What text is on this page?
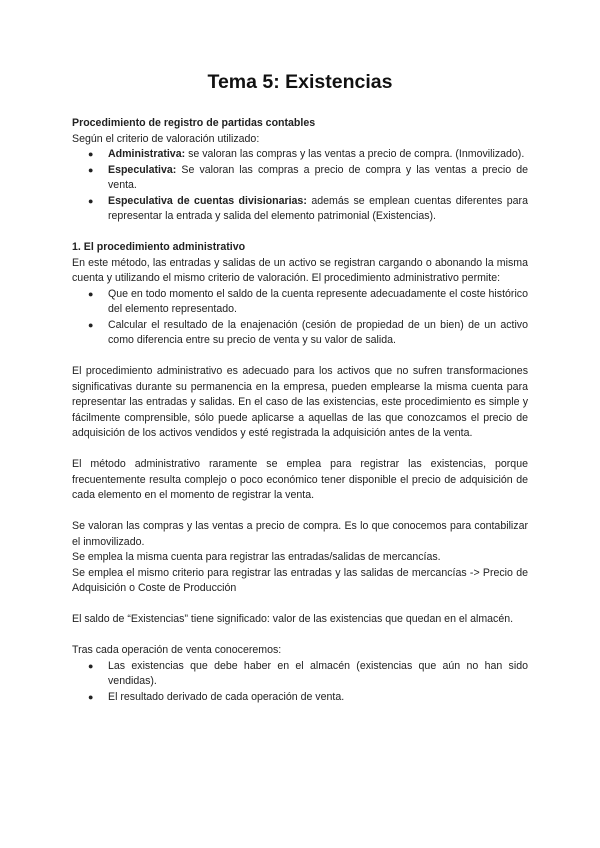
Tema 5: Existencias

Procedimiento de registro de partidas contables

Según el criterio de valoración utilizado:

● Administrativa: se valoran las compras y las ventas a precio de compra. (Inmovilizado).
● Especulativa: Se valoran las compras a precio de compra y las ventas a precio de venta.
● Especulativa de cuentas divisionarias: además se emplean cuentas diferentes para representar la entrada y salida del elemento patrimonial (Existencias).

1. El procedimiento administrativo

En este método, las entradas y salidas de un activo se registran cargando o abonando la misma cuenta y utilizando el mismo criterio de valoración. El procedimiento administrativo permite:

● Que en todo momento el saldo de la cuenta represente adecuadamente el coste histórico del elemento representado.
● Calcular el resultado de la enajenación (cesión de propiedad de un bien) de un activo como diferencia entre su precio de venta y su valor de salida.

El procedimiento administrativo es adecuado para los activos que no sufren transformaciones significativas durante su permanencia en la empresa, pueden emplearse la misma cuenta para representar las entradas y salidas. En el caso de las existencias, este procedimiento es simple y fácilmente comprensible, sólo puede aplicarse a aquellas de las que conozcamos el precio de adquisición de los activos vendidos y esté registrada la adquisición antes de la venta.

El método administrativo raramente se emplea para registrar las existencias, porque frecuentemente resulta complejo o poco económico tener disponible el precio de adquisición de cada elemento en el momento de registrar la venta.

Se valoran las compras y las ventas a precio de compra. Es lo que conocemos para contabilizar el inmovilizado.

Se emplea la misma cuenta para registrar las entradas/salidas de mercancías.

Se emplea el mismo criterio para registrar las entradas y las salidas de mercancías -> Precio de Adquisición o Coste de Producción

El saldo de “Existencias” tiene significado: valor de las existencias que quedan en el almacén.

Tras cada operación de venta conoceremos:

● Las existencias que debe haber en el almacén (existencias que aún no han sido vendidas).
● El resultado derivado de cada operación de venta.
